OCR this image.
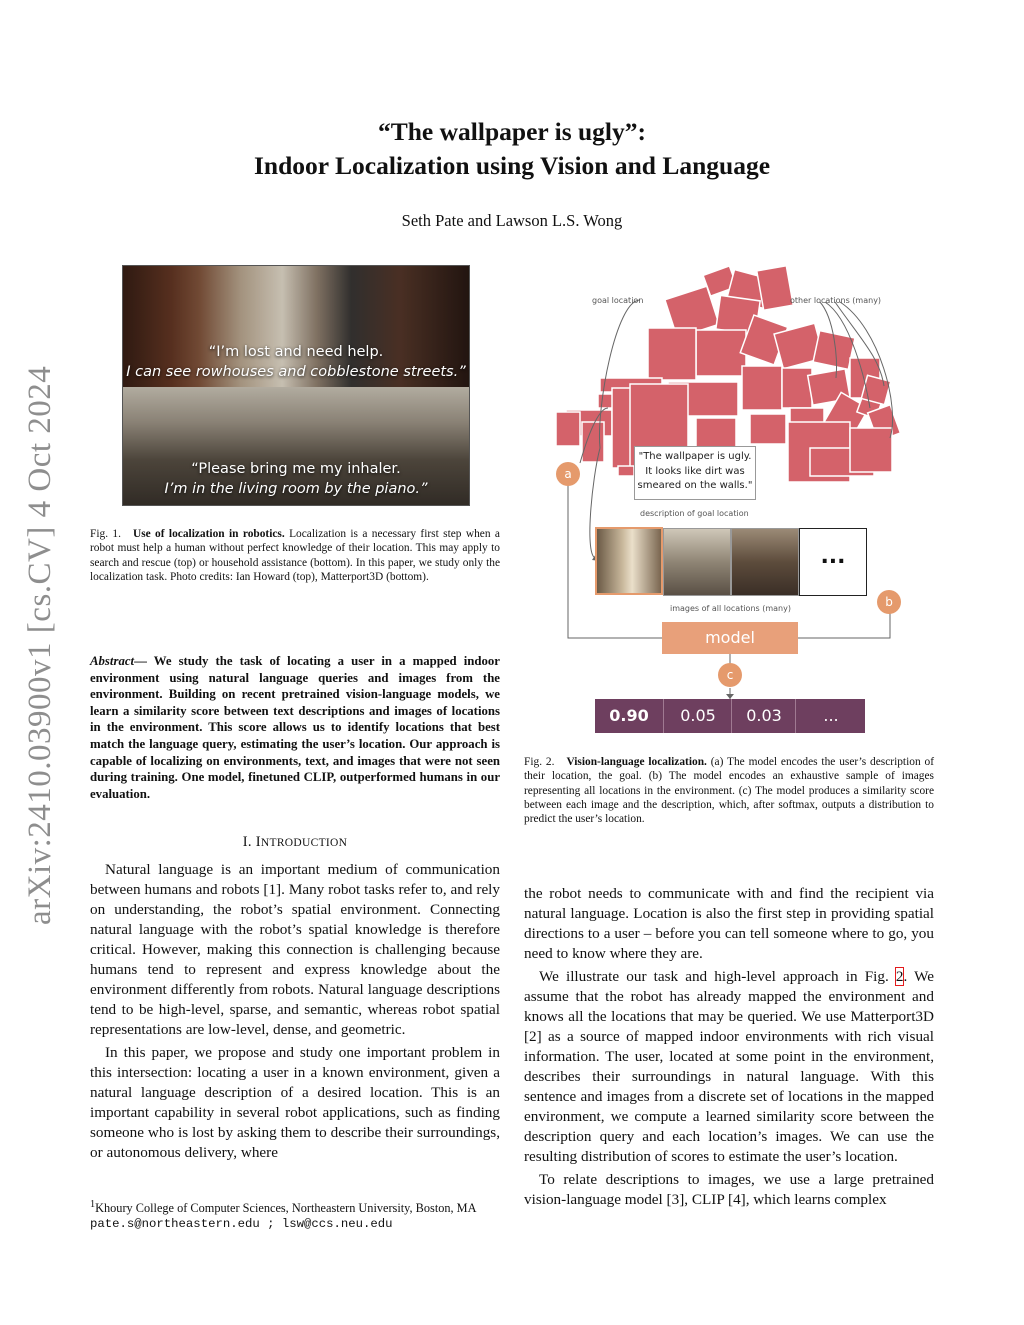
arXiv:2410.03900v1 [cs.CV] 4 Oct 2024
“The wallpaper is ugly”:
Indoor Localization using Vision and Language
Seth Pate and Lawson L.S. Wong
“I’m lost and need help.
I can see rowhouses and cobblestone streets.”
“Please bring me my inhaler.
I’m in the living room by the piano.”
Fig. 1. Use of localization in robotics. Localization is a necessary first step when a robot must help a human without perfect knowledge of their location. This may apply to search and rescue (top) or household assistance (bottom). In this paper, we study only the localization task. Photo credits: Ian Howard (top), Matterport3D (bottom).
Abstract— We study the task of locating a user in a mapped indoor environment using natural language queries and images from the environment. Building on recent pretrained vision-language models, we learn a similarity score between text descriptions and images of locations in the environment. This score allows us to identify locations that best match the language query, estimating the user’s location. Our approach is capable of localizing on environments, text, and images that were not seen during training. One model, finetuned CLIP, outperformed humans in our evaluation.
I. INTRODUCTION

Natural language is an important medium of communication between humans and robots [1]. Many robot tasks refer to, and rely on understanding, the robot’s spatial environment. Connecting natural language with the robot’s spatial knowledge is therefore critical. However, making this connection is challenging because humans tend to represent and express knowledge about the environment differently from robots. Natural language descriptions tend to be high-level, sparse, and semantic, whereas robot spatial representations are low-level, dense, and geometric.

In this paper, we propose and study one important problem in this intersection: locating a user in a known environment, given a natural language description of a desired location. This is an important capability in several robot applications, such as finding someone who is lost by asking them to describe their surroundings, or autonomous delivery, where

$^1$Khoury College of Computer Sciences, Northeastern University, Boston, MA pate.s@northeastern.edu ; lsw@ccs.neu.edu

the robot needs to communicate with and find the recipient via natural language. Location is also the first step in providing spatial directions to a user – before you can tell someone where to go, you need to know where they are.

We illustrate our task and high-level approach in Fig. 2. We assume that the robot has already mapped the environment and knows all the locations that may be queried. We use Matterport3D [2] as a source of mapped indoor environments with rich visual information. The user, located at some point in the environment, describes their surroundings in natural language. With this sentence and images from a discrete set of locations in the mapped environment, we compute a learned similarity score between the description query and each location’s images. We can use the resulting distribution of scores to estimate the user’s location.

To relate descriptions to images, we use a large pretrained vision-language model [3], CLIP [4], which learns complex

goal location	other locations (many)
a
b
c
"The wallpaper is ugly.
It looks like dirt was
smeared on the walls."
description of goal location
...
images of all locations (many)
model
0.90	0.05	0.03	...
Fig. 2. Vision-language localization. (a) The model encodes the user’s description of their location, the goal. (b) The model encodes an exhaustive sample of images representing all locations in the environment. (c) The model produces a similarity score between each image and the description, which, after softmax, outputs a distribution to predict the user’s location.
